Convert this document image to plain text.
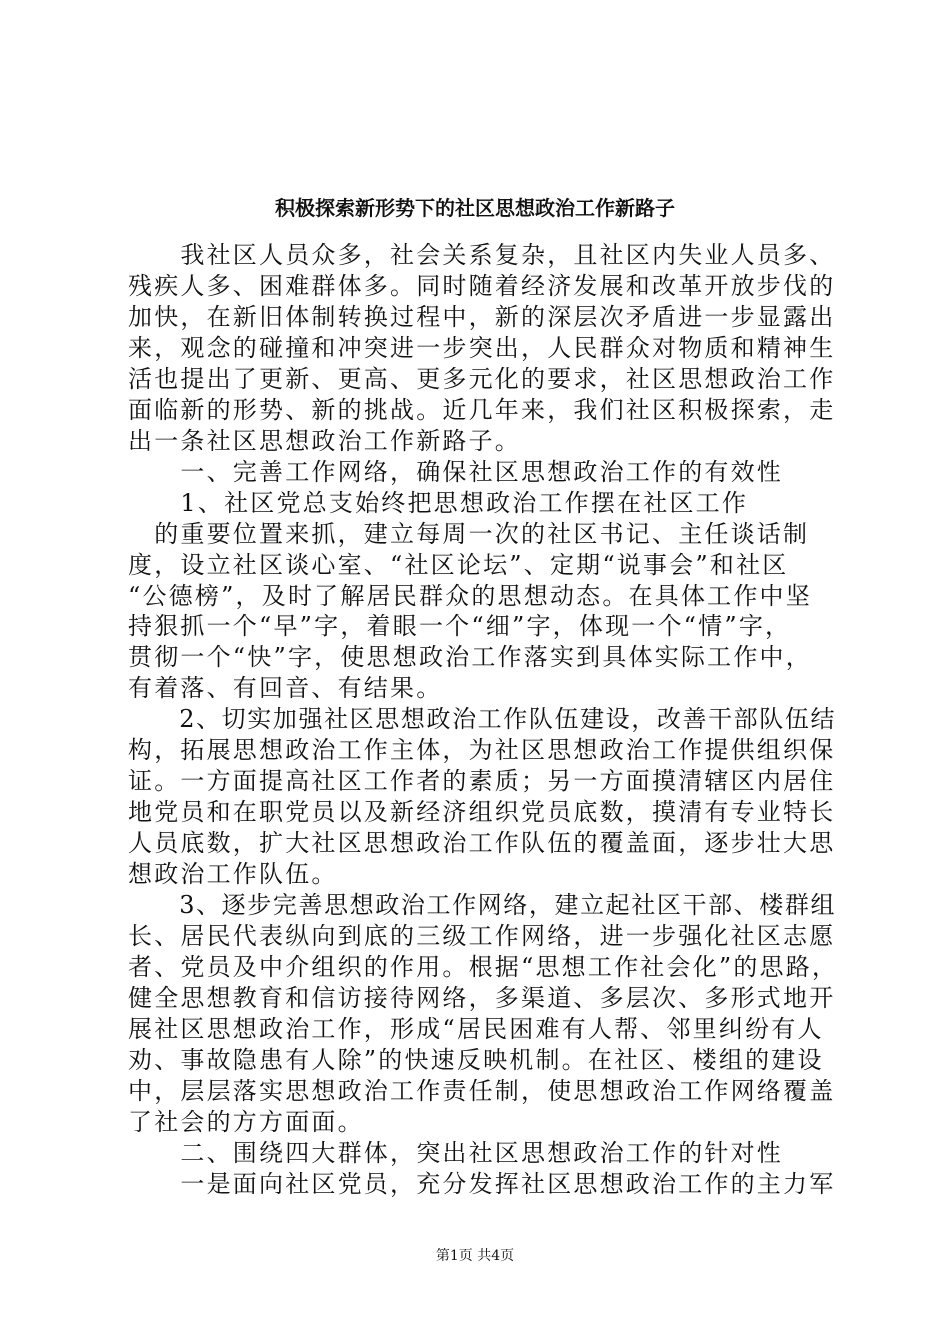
积极探索新形势下的社区思想政治工作新路子
　　我社区人员众多，社会关系复杂，且社区内失业人员多、
残疾人多、困难群体多。同时随着经济发展和改革开放步伐的
加快，在新旧体制转换过程中，新的深层次矛盾进一步显露出
来，观念的碰撞和冲突进一步突出，人民群众对物质和精神生
活也提出了更新、更高、更多元化的要求，社区思想政治工作
面临新的形势、新的挑战。近几年来，我们社区积极探索，走
出一条社区思想政治工作新路子。
　　一、完善工作网络，确保社区思想政治工作的有效性
　　1、社区党总支始终把思想政治工作摆在社区工作
　的重要位置来抓，建立每周一次的社区书记、主任谈话制
度，设立社区谈心室、“社区论坛”、定期“说事会”和社区
“公德榜”，及时了解居民群众的思想动态。在具体工作中坚
持狠抓一个“早”字，着眼一个“细”字，体现一个“情”字，
贯彻一个“快”字，使思想政治工作落实到具体实际工作中，
有着落、有回音、有结果。
　　2、切实加强社区思想政治工作队伍建设，改善干部队伍结
构，拓展思想政治工作主体，为社区思想政治工作提供组织保
证。一方面提高社区工作者的素质；另一方面摸清辖区内居住
地党员和在职党员以及新经济组织党员底数，摸清有专业特长
人员底数，扩大社区思想政治工作队伍的覆盖面，逐步壮大思
想政治工作队伍。
　　3、逐步完善思想政治工作网络，建立起社区干部、楼群组
长、居民代表纵向到底的三级工作网络，进一步强化社区志愿
者、党员及中介组织的作用。根据“思想工作社会化”的思路，
健全思想教育和信访接待网络，多渠道、多层次、多形式地开
展社区思想政治工作，形成“居民困难有人帮、邻里纠纷有人
劝、事故隐患有人除”的快速反映机制。在社区、楼组的建设
中，层层落实思想政治工作责任制，使思想政治工作网络覆盖
了社会的方方面面。
　　二、围绕四大群体，突出社区思想政治工作的针对性
　　一是面向社区党员，充分发挥社区思想政治工作的主力军
第1页 共4页
